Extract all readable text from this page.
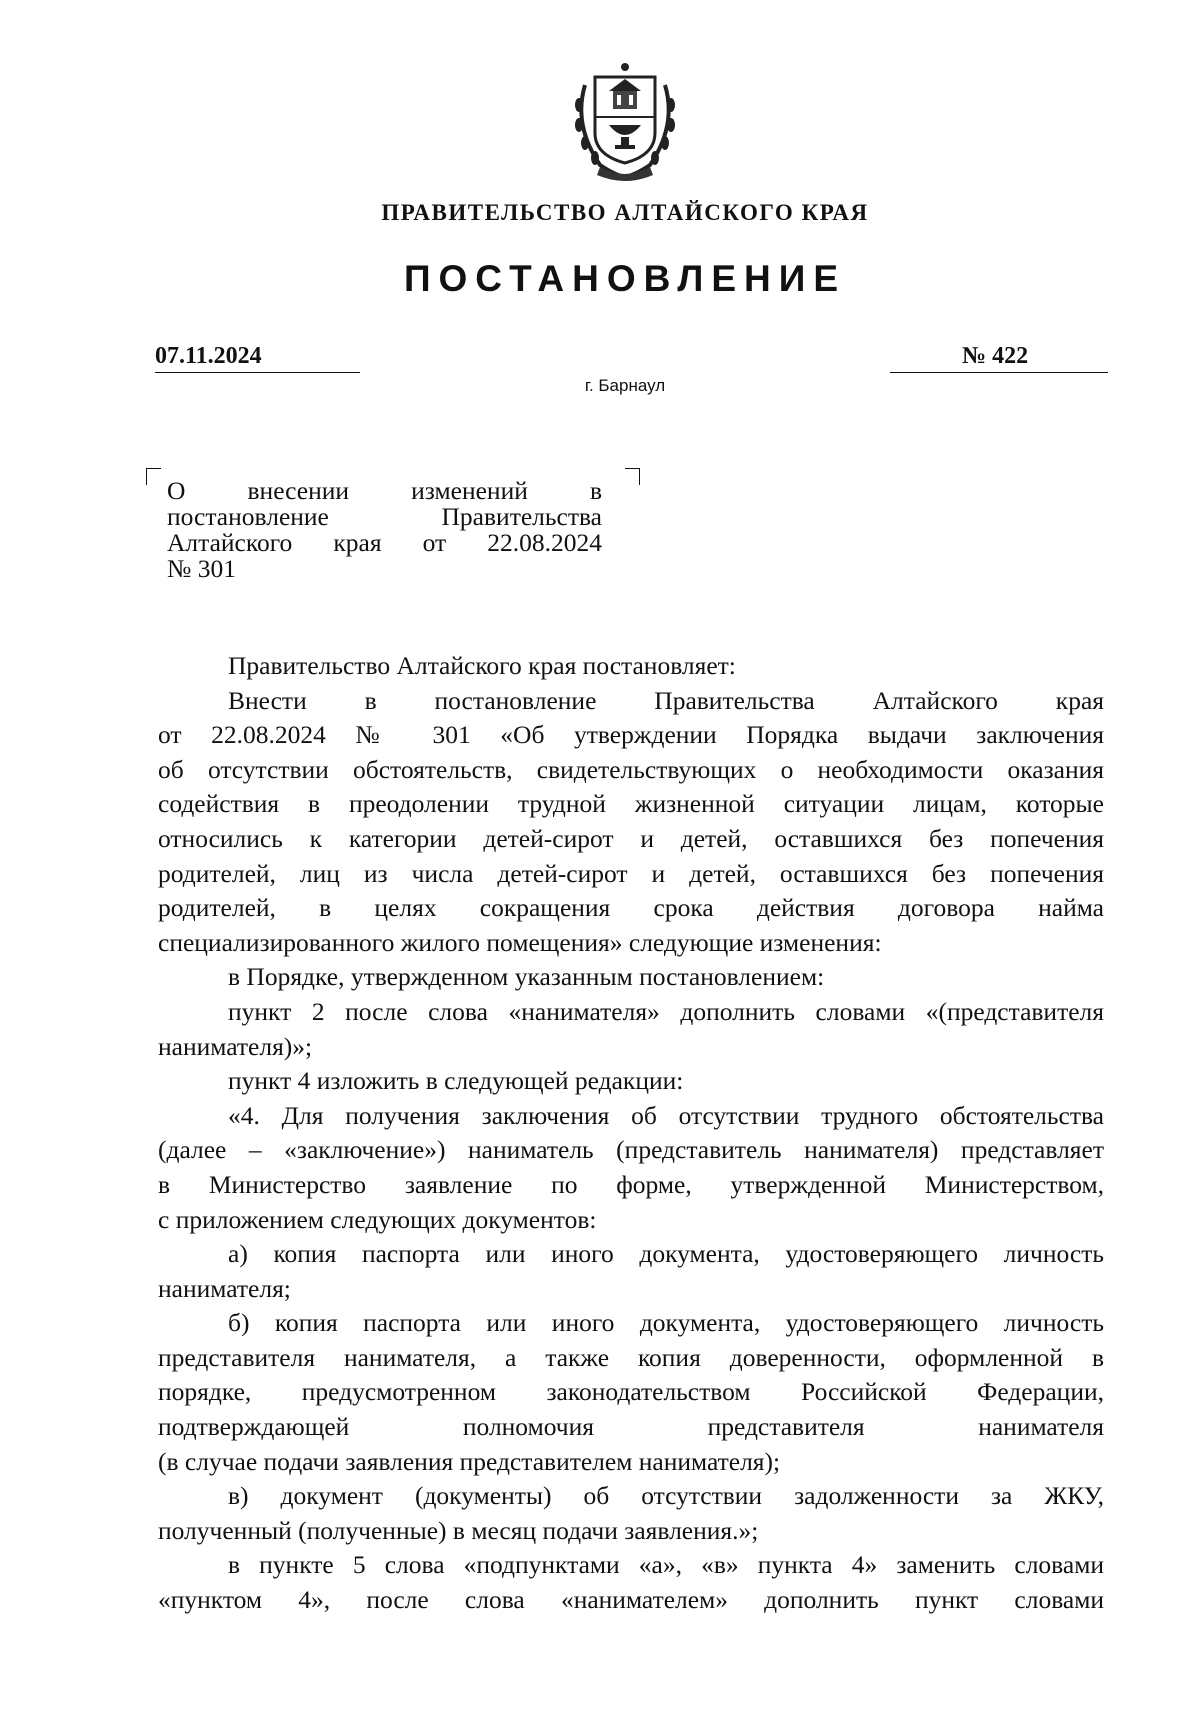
ПРАВИТЕЛЬСТВО АЛТАЙСКОГО КРАЯ
ПОСТАНОВЛЕНИЕ
07.11.2024	№ 422
г. Барнаул
О внесении изменений в
постановление Правительства
Алтайского края от 22.08.2024
№ 301
Правительство Алтайского края постановляет:
Внести в постановление Правительства Алтайского края
от 22.08.2024 № 301 «Об утверждении Порядка выдачи заключения
об отсутствии обстоятельств, свидетельствующих о необходимости оказания
содействия в преодолении трудной жизненной ситуации лицам, которые
относились к категории детей-сирот и детей, оставшихся без попечения
родителей, лиц из числа детей-сирот и детей, оставшихся без попечения
родителей, в целях сокращения срока действия договора найма
специализированного жилого помещения» следующие изменения:
в Порядке, утвержденном указанным постановлением:
пункт 2 после слова «нанимателя» дополнить словами «(представителя
нанимателя)»;
пункт 4 изложить в следующей редакции:
«4. Для получения заключения об отсутствии трудного обстоятельства
(далее – «заключение») наниматель (представитель нанимателя) представляет
в Министерство заявление по форме, утвержденной Министерством,
с приложением следующих документов:
а) копия паспорта или иного документа, удостоверяющего личность
нанимателя;
б) копия паспорта или иного документа, удостоверяющего личность
представителя нанимателя, а также копия доверенности, оформленной в
порядке, предусмотренном законодательством Российской Федерации,
подтверждающей полномочия представителя нанимателя
(в случае подачи заявления представителем нанимателя);
в) документ (документы) об отсутствии задолженности за ЖКУ,
полученный (полученные) в месяц подачи заявления.»;
в пункте 5 слова «подпунктами «а», «в» пункта 4» заменить словами
«пунктом 4», после слова «нанимателем» дополнить пункт словами
